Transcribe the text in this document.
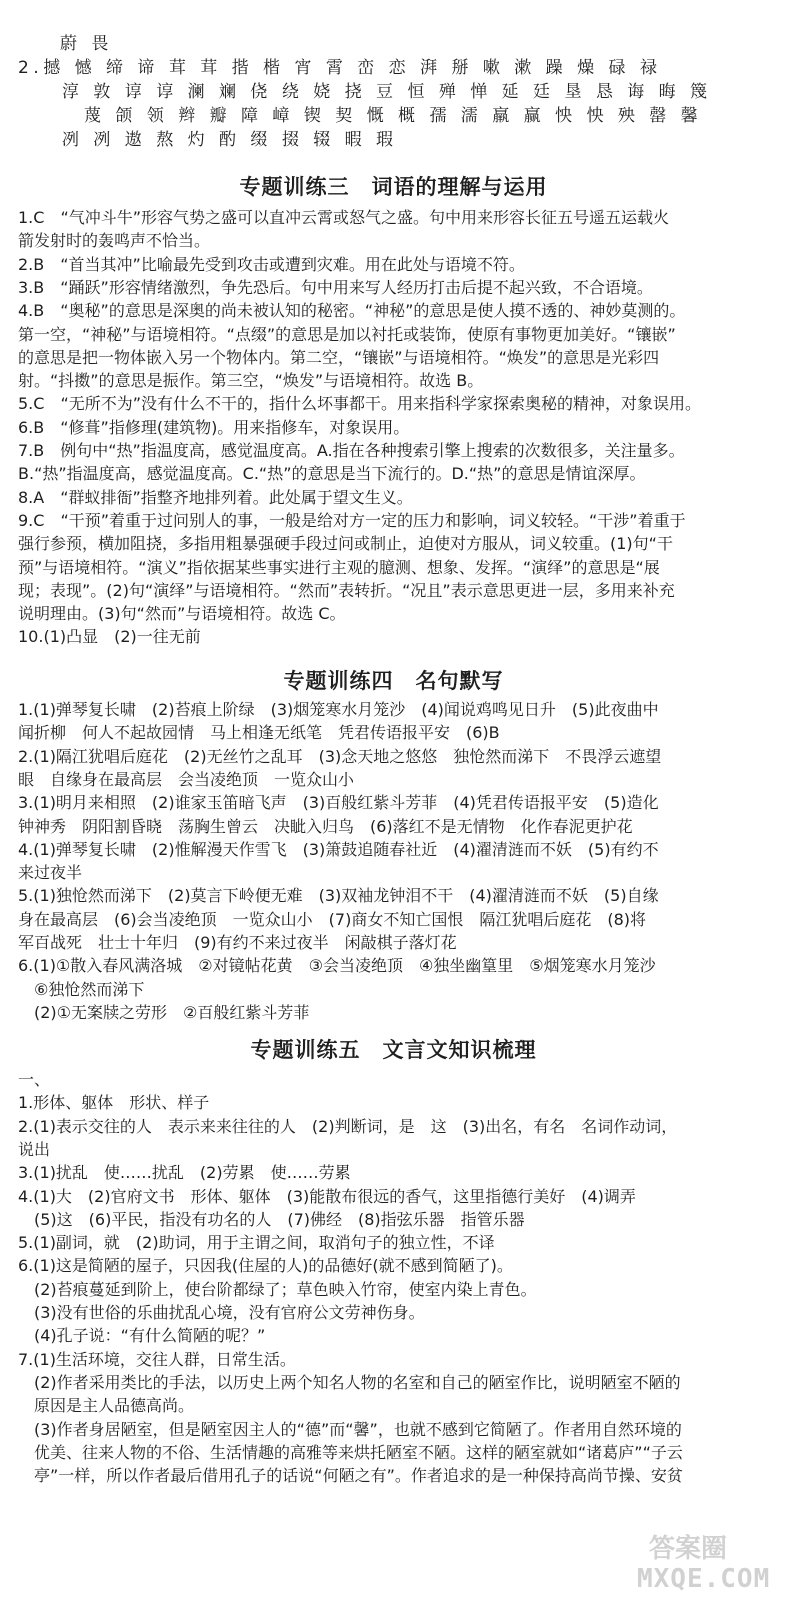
蔚 畏
2.撼 憾 缔 谛 茸 茸 揩 楷 宵 霄 峦 恋 湃 掰 嗽 漱 躁 燥 碌 禄
淳 敦 谆 谆 澜 斓 侥 绕 娆 挠 豆 恒 殚 惮 延 廷 垦 恳 诲 晦 篾
蔑 颌 领 辫 瓣 障 嶂 锲 契 慨 概 孺 濡 羸 赢 怏 怏 殃 罄 馨
冽 冽 遨 熬 灼 酌 缀 掇 辍 暇 瑕
专题训练三　词语的理解与运用
1.C　“气冲斗牛”形容气势之盛可以直冲云霄或怒气之盛。句中用来形容长征五号遥五运载火
箭发射时的轰鸣声不恰当。
2.B　“首当其冲”比喻最先受到攻击或遭到灾难。用在此处与语境不符。
3.B　“踊跃”形容情绪激烈，争先恐后。句中用来写人经历打击后提不起兴致，不合语境。
4.B　“奥秘”的意思是深奥的尚未被认知的秘密。“神秘”的意思是使人摸不透的、神妙莫测的。
第一空，“神秘”与语境相符。“点缀”的意思是加以衬托或装饰，使原有事物更加美好。“镶嵌”
的意思是把一物体嵌入另一个物体内。第二空，“镶嵌”与语境相符。“焕发”的意思是光彩四
射。“抖擞”的意思是振作。第三空，“焕发”与语境相符。故选 B。
5.C　“无所不为”没有什么不干的，指什么坏事都干。用来指科学家探索奥秘的精神，对象误用。
6.B　“修葺”指修理(建筑物)。用来指修车，对象误用。
7.B　例句中“热”指温度高，感觉温度高。A.指在各种搜索引擎上搜索的次数很多，关注量多。
B.“热”指温度高，感觉温度高。C.“热”的意思是当下流行的。D.“热”的意思是情谊深厚。
8.A　“群蚁排衙”指整齐地排列着。此处属于望文生义。
9.C　“干预”着重于过问别人的事，一般是给对方一定的压力和影响，词义较轻。“干涉”着重于
强行参预，横加阻挠，多指用粗暴强硬手段过问或制止，迫使对方服从，词义较重。(1)句“干
预”与语境相符。“演义”指依据某些事实进行主观的臆测、想象、发挥。“演绎”的意思是“展
现；表现”。(2)句“演绎”与语境相符。“然而”表转折。“况且”表示意思更进一层，多用来补充
说明理由。(3)句“然而”与语境相符。故选 C。
10.(1)凸显　(2)一往无前
专题训练四　名句默写
1.(1)弹琴复长啸　(2)苔痕上阶绿　(3)烟笼寒水月笼沙　(4)闻说鸡鸣见日升　(5)此夜曲中
闻折柳　何人不起故园情　马上相逢无纸笔　凭君传语报平安　(6)B
2.(1)隔江犹唱后庭花　(2)无丝竹之乱耳　(3)念天地之悠悠　独怆然而涕下　不畏浮云遮望
眼　自缘身在最高层　会当凌绝顶　一览众山小
3.(1)明月来相照　(2)谁家玉笛暗飞声　(3)百般红紫斗芳菲　(4)凭君传语报平安　(5)造化
钟神秀　阴阳割昏晓　荡胸生曾云　决眦入归鸟　(6)落红不是无情物　化作春泥更护花
4.(1)弹琴复长啸　(2)惟解漫天作雪飞　(3)箫鼓追随春社近　(4)濯清涟而不妖　(5)有约不
来过夜半
5.(1)独怆然而涕下　(2)莫言下岭便无难　(3)双袖龙钟泪不干　(4)濯清涟而不妖　(5)自缘
身在最高层　(6)会当凌绝顶　一览众山小　(7)商女不知亡国恨　隔江犹唱后庭花　(8)将
军百战死　壮士十年归　(9)有约不来过夜半　闲敲棋子落灯花
6.(1)①散入春风满洛城　②对镜帖花黄　③会当凌绝顶　④独坐幽篁里　⑤烟笼寒水月笼沙
　⑥独怆然而涕下
　(2)①无案牍之劳形　②百般红紫斗芳菲
专题训练五　文言文知识梳理
一、
1.形体、躯体　形状、样子
2.(1)表示交往的人　表示来来往往的人　(2)判断词，是　这　(3)出名，有名　名词作动词，
说出
3.(1)扰乱　使……扰乱　(2)劳累　使……劳累
4.(1)大　(2)官府文书　形体、躯体　(3)能散布很远的香气，这里指德行美好　(4)调弄
　(5)这　(6)平民，指没有功名的人　(7)佛经　(8)指弦乐器　指管乐器
5.(1)副词，就　(2)助词，用于主谓之间，取消句子的独立性，不译
6.(1)这是简陋的屋子，只因我(住屋的人)的品德好(就不感到简陋了)。
　(2)苔痕蔓延到阶上，使台阶都绿了；草色映入竹帘，使室内染上青色。
　(3)没有世俗的乐曲扰乱心境，没有官府公文劳神伤身。
　(4)孔子说：“有什么简陋的呢？”
7.(1)生活环境，交往人群，日常生活。
　(2)作者采用类比的手法，以历史上两个知名人物的名室和自己的陋室作比，说明陋室不陋的
　原因是主人品德高尚。
　(3)作者身居陋室，但是陋室因主人的“德”而“馨”，也就不感到它简陋了。作者用自然环境的
　优美、往来人物的不俗、生活情趣的高雅等来烘托陋室不陋。这样的陋室就如“诸葛庐”“子云
　亭”一样，所以作者最后借用孔子的话说“何陋之有”。作者追求的是一种保持高尚节操、安贫
答案圈
MXQE.COM
